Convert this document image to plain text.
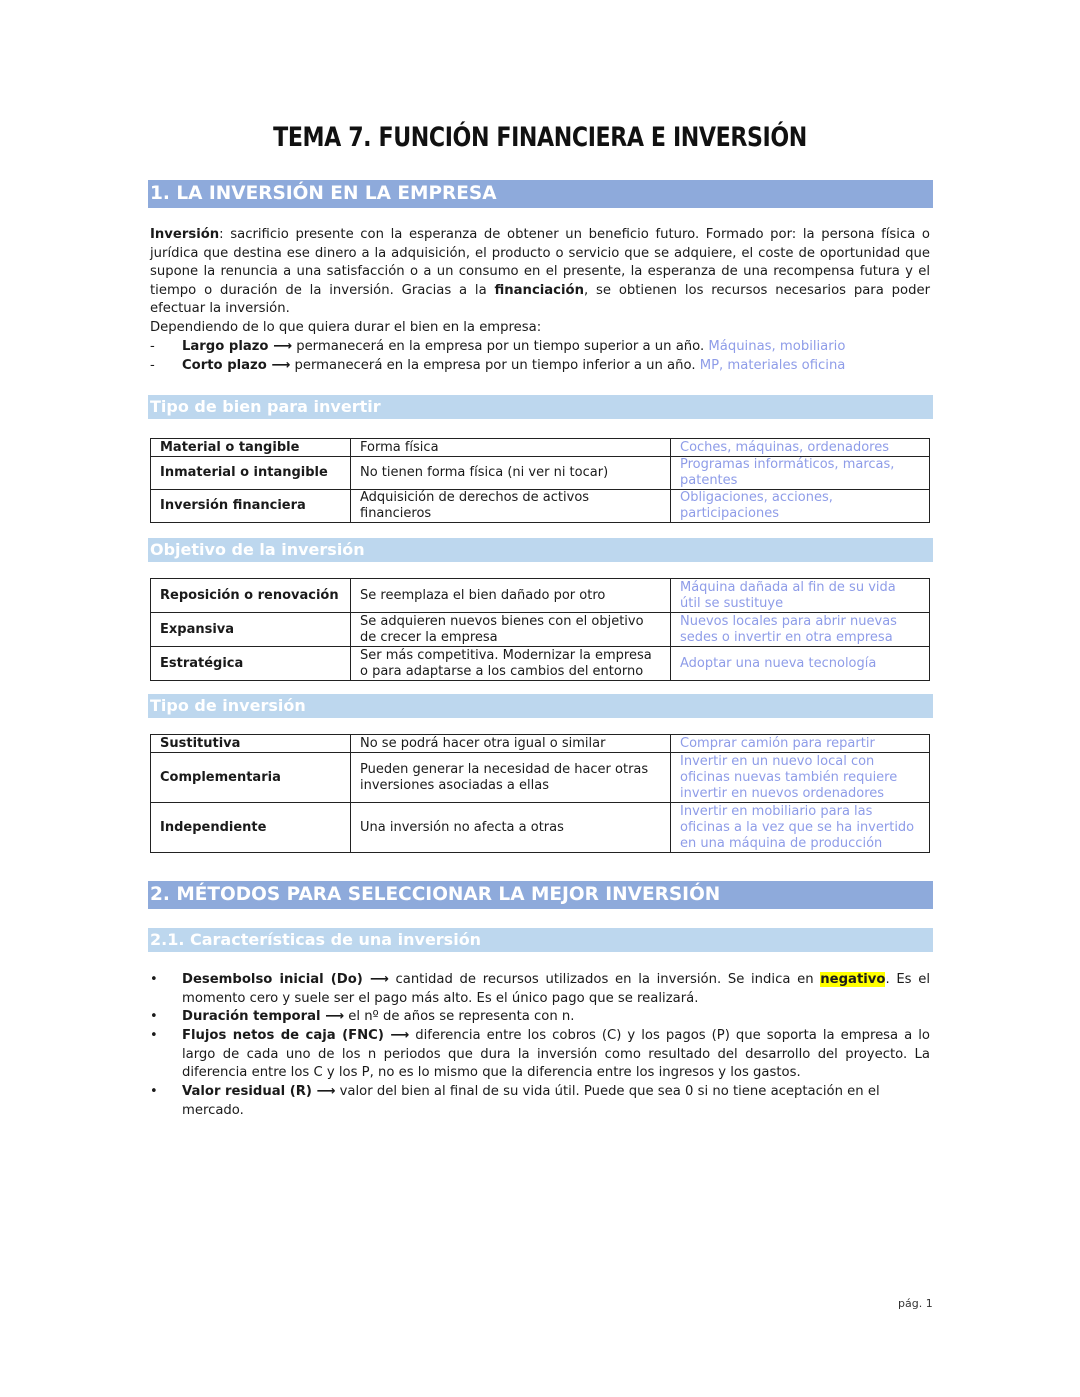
TEMA 7. FUNCIÓN FINANCIERA E INVERSIÓN
1. LA INVERSIÓN EN LA EMPRESA
Inversión: sacrificio presente con la esperanza de obtener un beneficio futuro. Formado por: la persona física o jurídica que destina ese dinero a la adquisición, el producto o servicio que se adquiere, el coste de oportunidad que supone la renuncia a una satisfacción o a un consumo en el presente, la esperanza de una recompensa futura y el tiempo o duración de la inversión. Gracias a la financiación, se obtienen los recursos necesarios para poder efectuar la inversión.
Dependiendo de lo que quiera durar el bien en la empresa:
- Largo plazo ⟶ permanecerá en la empresa por un tiempo superior a un año. Máquinas, mobiliario
- Corto plazo ⟶ permanecerá en la empresa por un tiempo inferior a un año. MP, materiales oficina
Tipo de bien para invertir
Material o tangible	Forma física	Coches, máquinas, ordenadores
Inmaterial o intangible	No tienen forma física (ni ver ni tocar)	Programas informáticos, marcas, patentes
Inversión financiera	Adquisición de derechos de activos financieros	Obligaciones, acciones, participaciones
Objetivo de la inversión
Reposición o renovación	Se reemplaza el bien dañado por otro	Máquina dañada al fin de su vida útil se sustituye
Expansiva	Se adquieren nuevos bienes con el objetivo de crecer la empresa	Nuevos locales para abrir nuevas sedes o invertir en otra empresa
Estratégica	Ser más competitiva. Modernizar la empresa o para adaptarse a los cambios del entorno	Adoptar una nueva tecnología
Tipo de inversión
Sustitutiva	No se podrá hacer otra igual o similar	Comprar camión para repartir
Complementaria	Pueden generar la necesidad de hacer otras inversiones asociadas a ellas	Invertir en un nuevo local con oficinas nuevas también requiere invertir en nuevos ordenadores
Independiente	Una inversión no afecta a otras	Invertir en mobiliario para las oficinas a la vez que se ha invertido en una máquina de producción
2. MÉTODOS PARA SELECCIONAR LA MEJOR INVERSIÓN
2.1. Características de una inversión
• Desembolso inicial (Do) ⟶ cantidad de recursos utilizados en la inversión. Se indica en negativo. Es el momento cero y suele ser el pago más alto. Es el único pago que se realizará.
• Duración temporal ⟶ el nº de años se representa con n.
• Flujos netos de caja (FNC) ⟶ diferencia entre los cobros (C) y los pagos (P) que soporta la empresa a lo largo de cada uno de los n periodos que dura la inversión como resultado del desarrollo del proyecto. La diferencia entre los C y los P, no es lo mismo que la diferencia entre los ingresos y los gastos.
• Valor residual (R) ⟶ valor del bien al final de su vida útil. Puede que sea 0 si no tiene aceptación en el mercado.
pág. 1
